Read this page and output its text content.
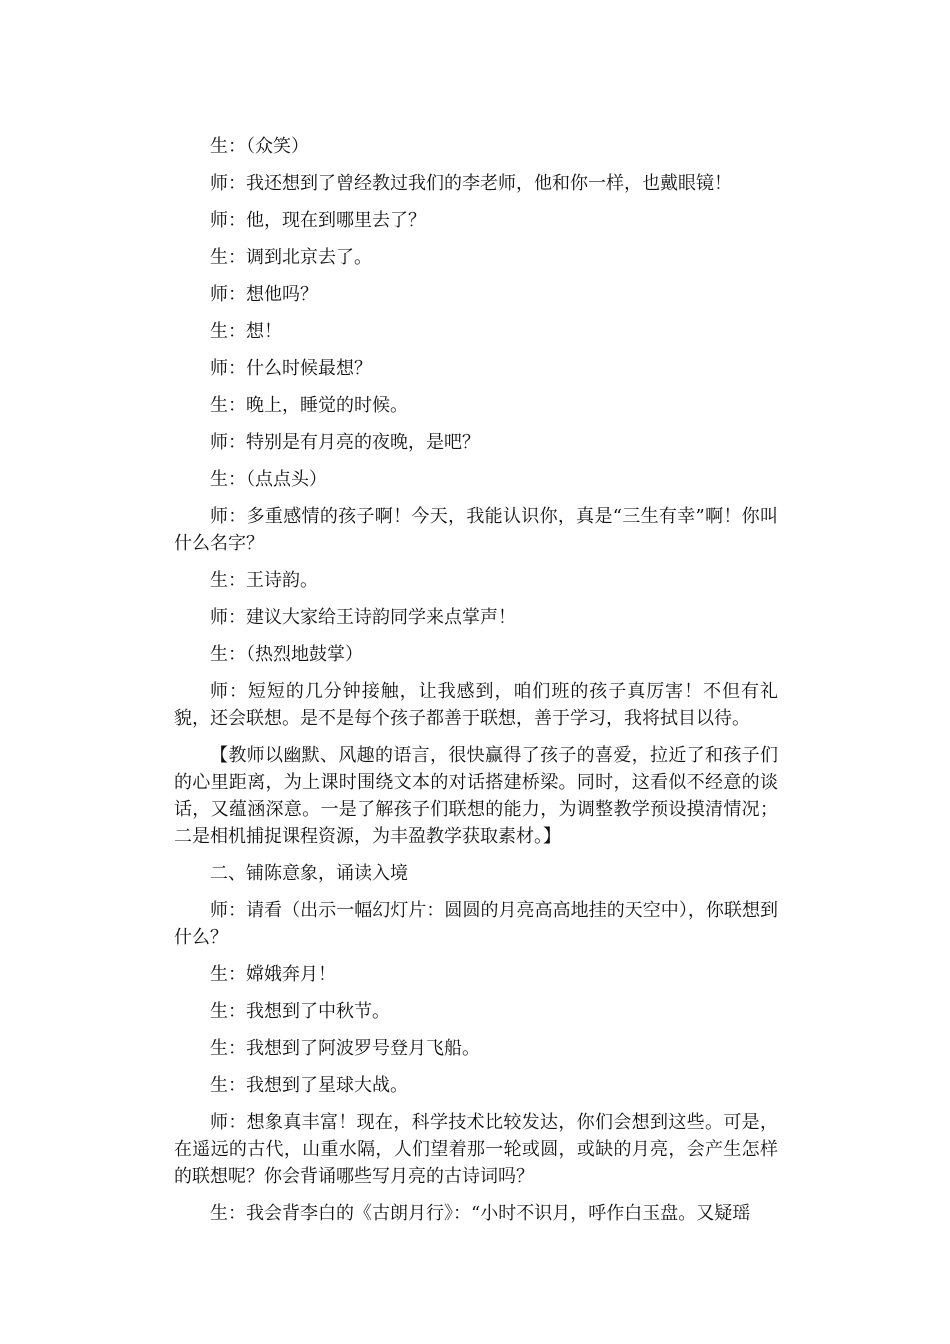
生：（众笑）

师：我还想到了曾经教过我们的李老师，他和你一样，也戴眼镜！

师：他，现在到哪里去了？

生：调到北京去了。

师：想他吗？

生：想！

师：什么时候最想？

生：晚上，睡觉的时候。

师：特别是有月亮的夜晚，是吧？

生：（点点头）

师：多重感情的孩子啊！今天，我能认识你，真是“三生有幸”啊！你叫什么名字？

生：王诗韵。

师：建议大家给王诗韵同学来点掌声！

生：（热烈地鼓掌）

师：短短的几分钟接触，让我感到，咱们班的孩子真厉害！不但有礼貌，还会联想。是不是每个孩子都善于联想，善于学习，我将拭目以待。

【教师以幽默、风趣的语言，很快赢得了孩子的喜爱，拉近了和孩子们的心里距离，为上课时围绕文本的对话搭建桥梁。同时，这看似不经意的谈话，又蕴涵深意。一是了解孩子们联想的能力，为调整教学预设摸清情况；二是相机捕捉课程资源，为丰盈教学获取素材。】

二、铺陈意象，诵读入境

师：请看（出示一幅幻灯片：圆圆的月亮高高地挂的天空中），你联想到什么？

生：嫦娥奔月！

生：我想到了中秋节。

生：我想到了阿波罗号登月飞船。

生：我想到了星球大战。

师：想象真丰富！现在，科学技术比较发达，你们会想到这些。可是，在遥远的古代，山重水隔，人们望着那一轮或圆，或缺的月亮，会产生怎样的联想呢？你会背诵哪些写月亮的古诗词吗？

生：我会背李白的《古朗月行》：“小时不识月，呼作白玉盘。又疑瑶
